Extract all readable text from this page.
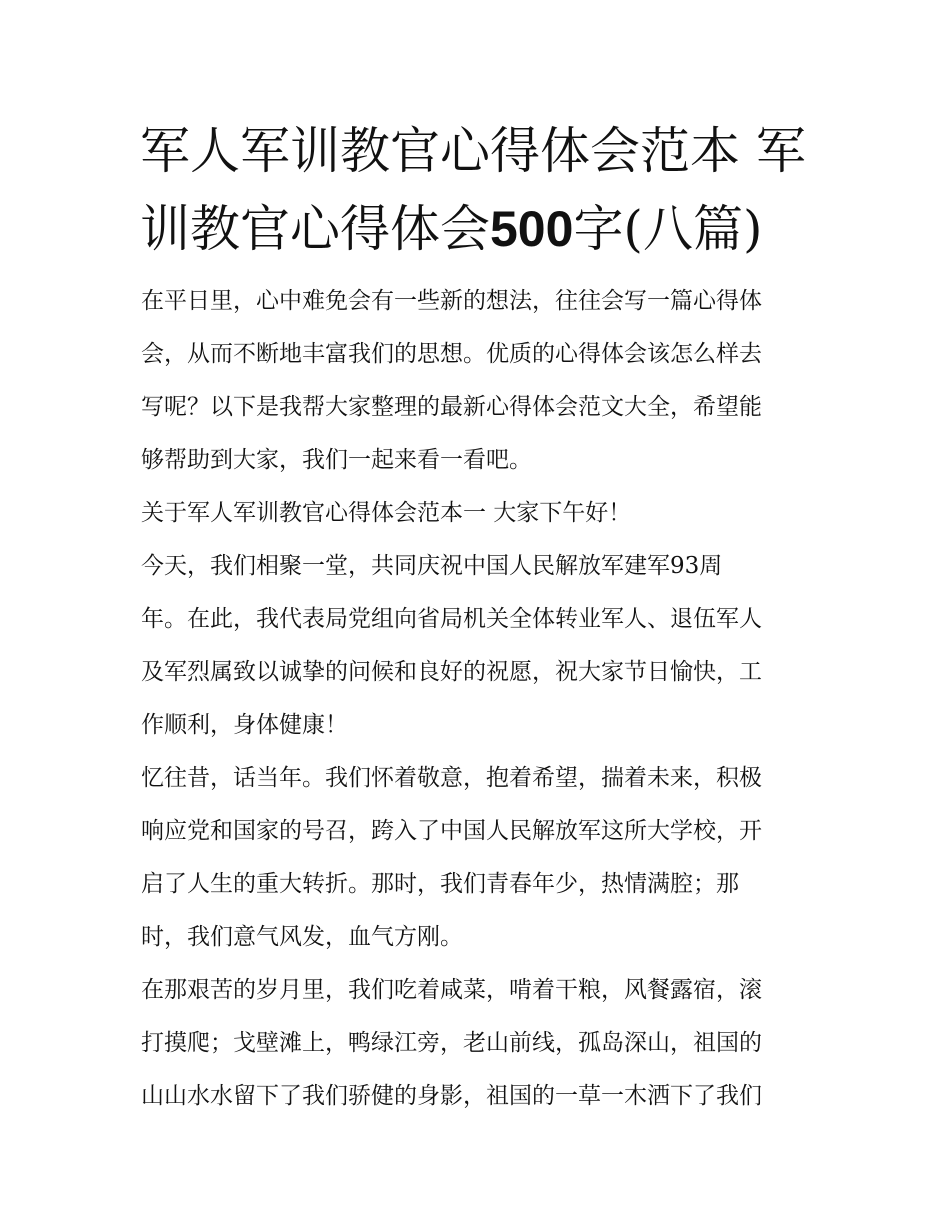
军人军训教官心得体会范本 军
训教官心得体会500字(八篇)

在平日里，心中难免会有一些新的想法，往往会写一篇心得体
会，从而不断地丰富我们的思想。优质的心得体会该怎么样去
写呢？以下是我帮大家整理的最新心得体会范文大全，希望能
够帮助到大家，我们一起来看一看吧。

关于军人军训教官心得体会范本一 大家下午好！

今天，我们相聚一堂，共同庆祝中国人民解放军建军93周
年。在此，我代表局党组向省局机关全体转业军人、退伍军人
及军烈属致以诚挚的问候和良好的祝愿，祝大家节日愉快，工
作顺利，身体健康！

忆往昔，话当年。我们怀着敬意，抱着希望，揣着未来，积极
响应党和国家的号召，跨入了中国人民解放军这所大学校，开
启了人生的重大转折。那时，我们青春年少，热情满腔；那
时，我们意气风发，血气方刚。

在那艰苦的岁月里，我们吃着咸菜，啃着干粮，风餐露宿，滚
打摸爬；戈壁滩上，鸭绿江旁，老山前线，孤岛深山，祖国的
山山水水留下了我们骄健的身影，祖国的一草一木洒下了我们
